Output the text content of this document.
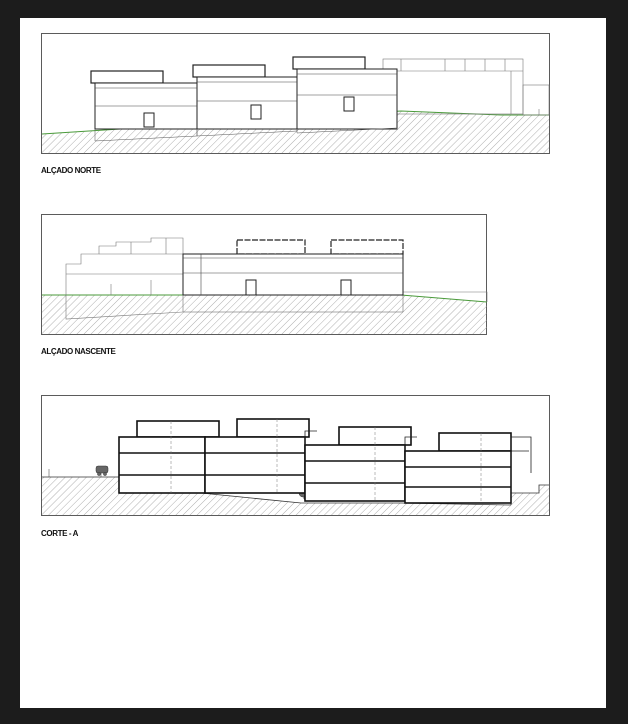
ALÇADO NORTE
ALÇADO NASCENTE
CORTE - A
